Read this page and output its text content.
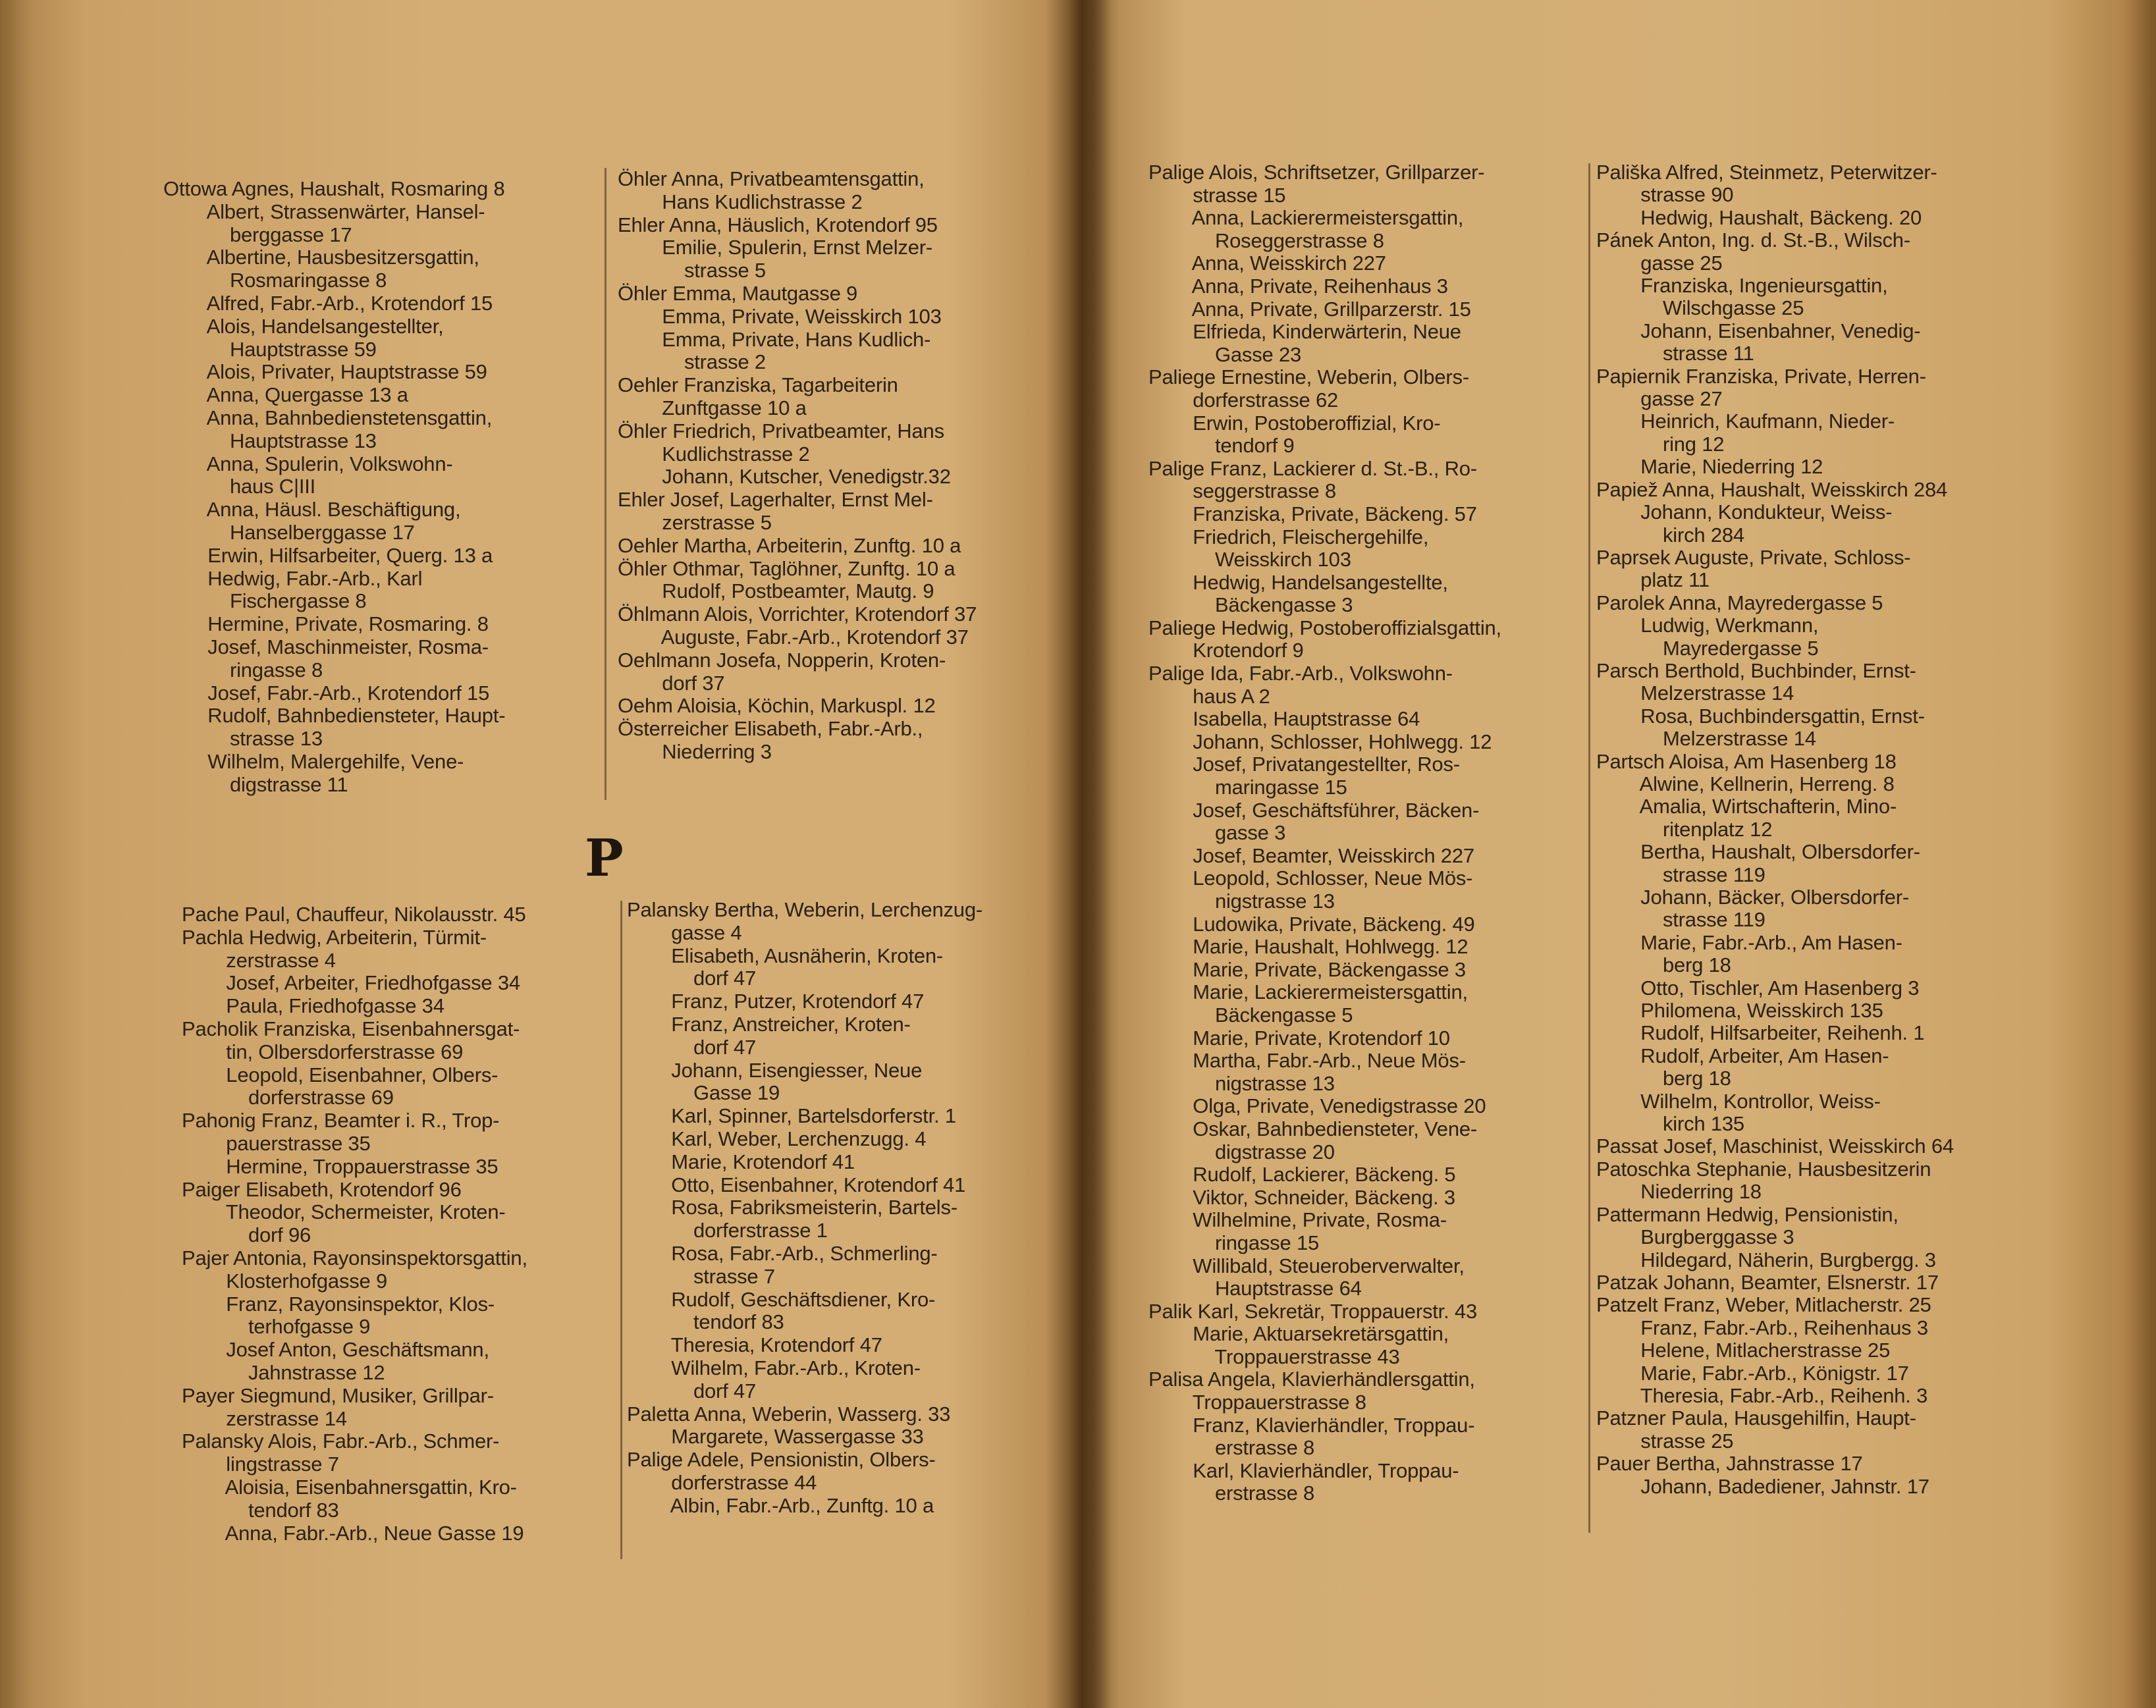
Ottowa Agnes, Haushalt, Rosmaring 8
Albert, Strassenwärter, Hansel-
berggasse 17
Albertine, Hausbesitzersgattin,
Rosmaringasse 8
Alfred, Fabr.-Arb., Krotendorf 15
Alois, Handelsangestellter,
Hauptstrasse 59
Alois, Privater, Hauptstrasse 59
Anna, Quergasse 13 a
Anna, Bahnbedienstetensgattin,
Hauptstrasse 13
Anna, Spulerin, Volkswohn-
haus C|III
Anna, Häusl. Beschäftigung,
Hanselberggasse 17
Erwin, Hilfsarbeiter, Querg. 13 a
Hedwig, Fabr.-Arb., Karl
Fischergasse 8
Hermine, Private, Rosmaring. 8
Josef, Maschinmeister, Rosma-
ringasse 8
Josef, Fabr.-Arb., Krotendorf 15
Rudolf, Bahnbediensteter, Haupt-
strasse 13
Wilhelm, Malergehilfe, Vene-
digstrasse 11
Öhler Anna, Privatbeamtensgattin,
Hans Kudlichstrasse 2
Ehler Anna, Häuslich, Krotendorf 95
Emilie, Spulerin, Ernst Melzer-
strasse 5
Öhler Emma, Mautgasse 9
Emma, Private, Weisskirch 103
Emma, Private, Hans Kudlich-
strasse 2
Oehler Franziska, Tagarbeiterin
Zunftgasse 10 a
Öhler Friedrich, Privatbeamter, Hans
Kudlichstrasse 2
Johann, Kutscher, Venedigstr.32
Ehler Josef, Lagerhalter, Ernst Mel-
zerstrasse 5
Oehler Martha, Arbeiterin, Zunftg. 10 a
Öhler Othmar, Taglöhner, Zunftg. 10 a
Rudolf, Postbeamter, Mautg. 9
Öhlmann Alois, Vorrichter, Krotendorf 37
Auguste, Fabr.-Arb., Krotendorf 37
Oehlmann Josefa, Nopperin, Kroten-
dorf 37
Oehm Aloisia, Köchin, Markuspl. 12
Österreicher Elisabeth, Fabr.-Arb.,
Niederring 3
P
Pache Paul, Chauffeur, Nikolausstr. 45
Pachla Hedwig, Arbeiterin, Türmit-
zerstrasse 4
Josef, Arbeiter, Friedhofgasse 34
Paula, Friedhofgasse 34
Pacholik Franziska, Eisenbahnersgat-
tin, Olbersdorferstrasse 69
Leopold, Eisenbahner, Olbers-
dorferstrasse 69
Pahonig Franz, Beamter i. R., Trop-
pauerstrasse 35
Hermine, Troppauerstrasse 35
Paiger Elisabeth, Krotendorf 96
Theodor, Schermeister, Kroten-
dorf 96
Pajer Antonia, Rayonsinspektorsgattin,
Klosterhofgasse 9
Franz, Rayonsinspektor, Klos-
terhofgasse 9
Josef Anton, Geschäftsmann,
Jahnstrasse 12
Payer Siegmund, Musiker, Grillpar-
zerstrasse 14
Palansky Alois, Fabr.-Arb., Schmer-
lingstrasse 7
Aloisia, Eisenbahnersgattin, Kro-
tendorf 83
Anna, Fabr.-Arb., Neue Gasse 19
Palansky Bertha, Weberin, Lerchenzug-
gasse 4
Elisabeth, Ausnäherin, Kroten-
dorf 47
Franz, Putzer, Krotendorf 47
Franz, Anstreicher, Kroten-
dorf 47
Johann, Eisengiesser, Neue
Gasse 19
Karl, Spinner, Bartelsdorferstr. 1
Karl, Weber, Lerchenzugg. 4
Marie, Krotendorf 41
Otto, Eisenbahner, Krotendorf 41
Rosa, Fabriksmeisterin, Bartels-
dorferstrasse 1
Rosa, Fabr.-Arb., Schmerling-
strasse 7
Rudolf, Geschäftsdiener, Kro-
tendorf 83
Theresia, Krotendorf 47
Wilhelm, Fabr.-Arb., Kroten-
dorf 47
Paletta Anna, Weberin, Wasserg. 33
Margarete, Wassergasse 33
Palige Adele, Pensionistin, Olbers-
dorferstrasse 44
Albin, Fabr.-Arb., Zunftg. 10 a
Palige Alois, Schriftsetzer, Grillparzer-
strasse 15
Anna, Lackierermeistersgattin,
Roseggerstrasse 8
Anna, Weisskirch 227
Anna, Private, Reihenhaus 3
Anna, Private, Grillparzerstr. 15
Elfrieda, Kinderwärterin, Neue
Gasse 23
Paliege Ernestine, Weberin, Olbers-
dorferstrasse 62
Erwin, Postoberoffizial, Kro-
tendorf 9
Palige Franz, Lackierer d. St.-B., Ro-
seggerstrasse 8
Franziska, Private, Bäckeng. 57
Friedrich, Fleischergehilfe,
Weisskirch 103
Hedwig, Handelsangestellte,
Bäckengasse 3
Paliege Hedwig, Postoberoffizialsgattin,
Krotendorf 9
Palige Ida, Fabr.-Arb., Volkswohn-
haus A 2
Isabella, Hauptstrasse 64
Johann, Schlosser, Hohlwegg. 12
Josef, Privatangestellter, Ros-
maringasse 15
Josef, Geschäftsführer, Bäcken-
gasse 3
Josef, Beamter, Weisskirch 227
Leopold, Schlosser, Neue Mös-
nigstrasse 13
Ludowika, Private, Bäckeng. 49
Marie, Haushalt, Hohlwegg. 12
Marie, Private, Bäckengasse 3
Marie, Lackierermeistersgattin,
Bäckengasse 5
Marie, Private, Krotendorf 10
Martha, Fabr.-Arb., Neue Mös-
nigstrasse 13
Olga, Private, Venedigstrasse 20
Oskar, Bahnbediensteter, Vene-
digstrasse 20
Rudolf, Lackierer, Bäckeng. 5
Viktor, Schneider, Bäckeng. 3
Wilhelmine, Private, Rosma-
ringasse 15
Willibald, Steueroberverwalter,
Hauptstrasse 64
Palik Karl, Sekretär, Troppauerstr. 43
Marie, Aktuarsekretärsgattin,
Troppauerstrasse 43
Palisa Angela, Klavierhändlersgattin,
Troppauerstrasse 8
Franz, Klavierhändler, Troppau-
erstrasse 8
Karl, Klavierhändler, Troppau-
erstrasse 8
Pališka Alfred, Steinmetz, Peterwitzer-
strasse 90
Hedwig, Haushalt, Bäckeng. 20
Pánek Anton, Ing. d. St.-B., Wilsch-
gasse 25
Franziska, Ingenieursgattin,
Wilschgasse 25
Johann, Eisenbahner, Venedig-
strasse 11
Papiernik Franziska, Private, Herren-
gasse 27
Heinrich, Kaufmann, Nieder-
ring 12
Marie, Niederring 12
Papiež Anna, Haushalt, Weisskirch 284
Johann, Kondukteur, Weiss-
kirch 284
Paprsek Auguste, Private, Schloss-
platz 11
Parolek Anna, Mayredergasse 5
Ludwig, Werkmann,
Mayredergasse 5
Parsch Berthold, Buchbinder, Ernst-
Melzerstrasse 14
Rosa, Buchbindersgattin, Ernst-
Melzerstrasse 14
Partsch Aloisa, Am Hasenberg 18
Alwine, Kellnerin, Herreng. 8
Amalia, Wirtschafterin, Mino-
ritenplatz 12
Bertha, Haushalt, Olbersdorfer-
strasse 119
Johann, Bäcker, Olbersdorfer-
strasse 119
Marie, Fabr.-Arb., Am Hasen-
berg 18
Otto, Tischler, Am Hasenberg 3
Philomena, Weisskirch 135
Rudolf, Hilfsarbeiter, Reihenh. 1
Rudolf, Arbeiter, Am Hasen-
berg 18
Wilhelm, Kontrollor, Weiss-
kirch 135
Passat Josef, Maschinist, Weisskirch 64
Patoschka Stephanie, Hausbesitzerin
Niederring 18
Pattermann Hedwig, Pensionistin,
Burgberggasse 3
Hildegard, Näherin, Burgbergg. 3
Patzak Johann, Beamter, Elsnerstr. 17
Patzelt Franz, Weber, Mitlacherstr. 25
Franz, Fabr.-Arb., Reihenhaus 3
Helene, Mitlacherstrasse 25
Marie, Fabr.-Arb., Königstr. 17
Theresia, Fabr.-Arb., Reihenh. 3
Patzner Paula, Hausgehilfin, Haupt-
strasse 25
Pauer Bertha, Jahnstrasse 17
Johann, Badediener, Jahnstr. 17
